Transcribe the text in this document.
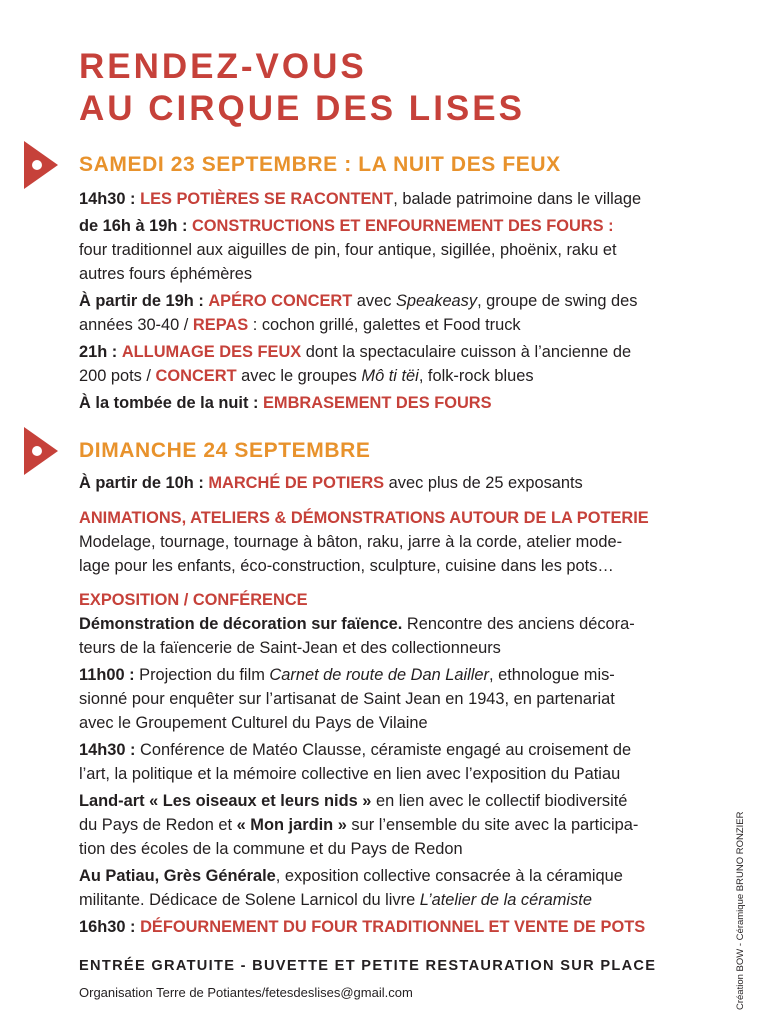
RENDEZ-VOUS
AU CIRQUE DES LISES
SAMEDI 23 SEPTEMBRE : LA NUIT DES FEUX

14h30 : LES POTIÈRES SE RACONTENT, balade patrimoine dans le village

de 16h à 19h : CONSTRUCTIONS ET ENFOURNEMENT DES FOURS :
four traditionnel aux aiguilles de pin, four antique, sigillée, phoënix, raku et
autres fours éphémères

À partir de 19h : APÉRO CONCERT avec Speakeasy, groupe de swing des
années 30-40 / REPAS : cochon grillé, galettes et Food truck

21h : ALLUMAGE DES FEUX dont la spectaculaire cuisson à l’ancienne de
200 pots / CONCERT avec le groupes Mô ti tëi, folk-rock blues

À la tombée de la nuit : EMBRASEMENT DES FOURS

DIMANCHE 24 SEPTEMBRE

À partir de 10h : MARCHÉ DE POTIERS avec plus de 25 exposants

ANIMATIONS, ATELIERS & DÉMONSTRATIONS AUTOUR DE LA POTERIE
Modelage, tournage, tournage à bâton, raku, jarre à la corde, atelier mode-
lage pour les enfants, éco-construction, sculpture, cuisine dans les pots…

EXPOSITION / CONFÉRENCE
Démonstration de décoration sur faïence. Rencontre des anciens décora-
teurs de la faïencerie de Saint-Jean et des collectionneurs

11h00 : Projection du film Carnet de route de Dan Lailler, ethnologue mis-
sionné pour enquêter sur l’artisanat de Saint Jean en 1943, en partenariat
avec le Groupement Culturel du Pays de Vilaine

14h30 : Conférence de Matéo Clausse, céramiste engagé au croisement de
l’art, la politique et la mémoire collective en lien avec l’exposition du Patiau

Land-art « Les oiseaux et leurs nids » en lien avec le collectif biodiversité
du Pays de Redon et « Mon jardin » sur l’ensemble du site avec la participa-
tion des écoles de la commune et du Pays de Redon

Au Patiau, Grès Générale, exposition collective consacrée à la céramique
militante. Dédicace de Solene Larnicol du livre L’atelier de la céramiste

16h30 : DÉFOURNEMENT DU FOUR TRADITIONNEL ET VENTE DE POTS

ENTRÉE GRATUITE - BUVETTE ET PETITE RESTAURATION SUR PLACE

Organisation Terre de Potiantes/fetesdeslises@gmail.com	Création BOW - Céramique BRUNO RONZIER
